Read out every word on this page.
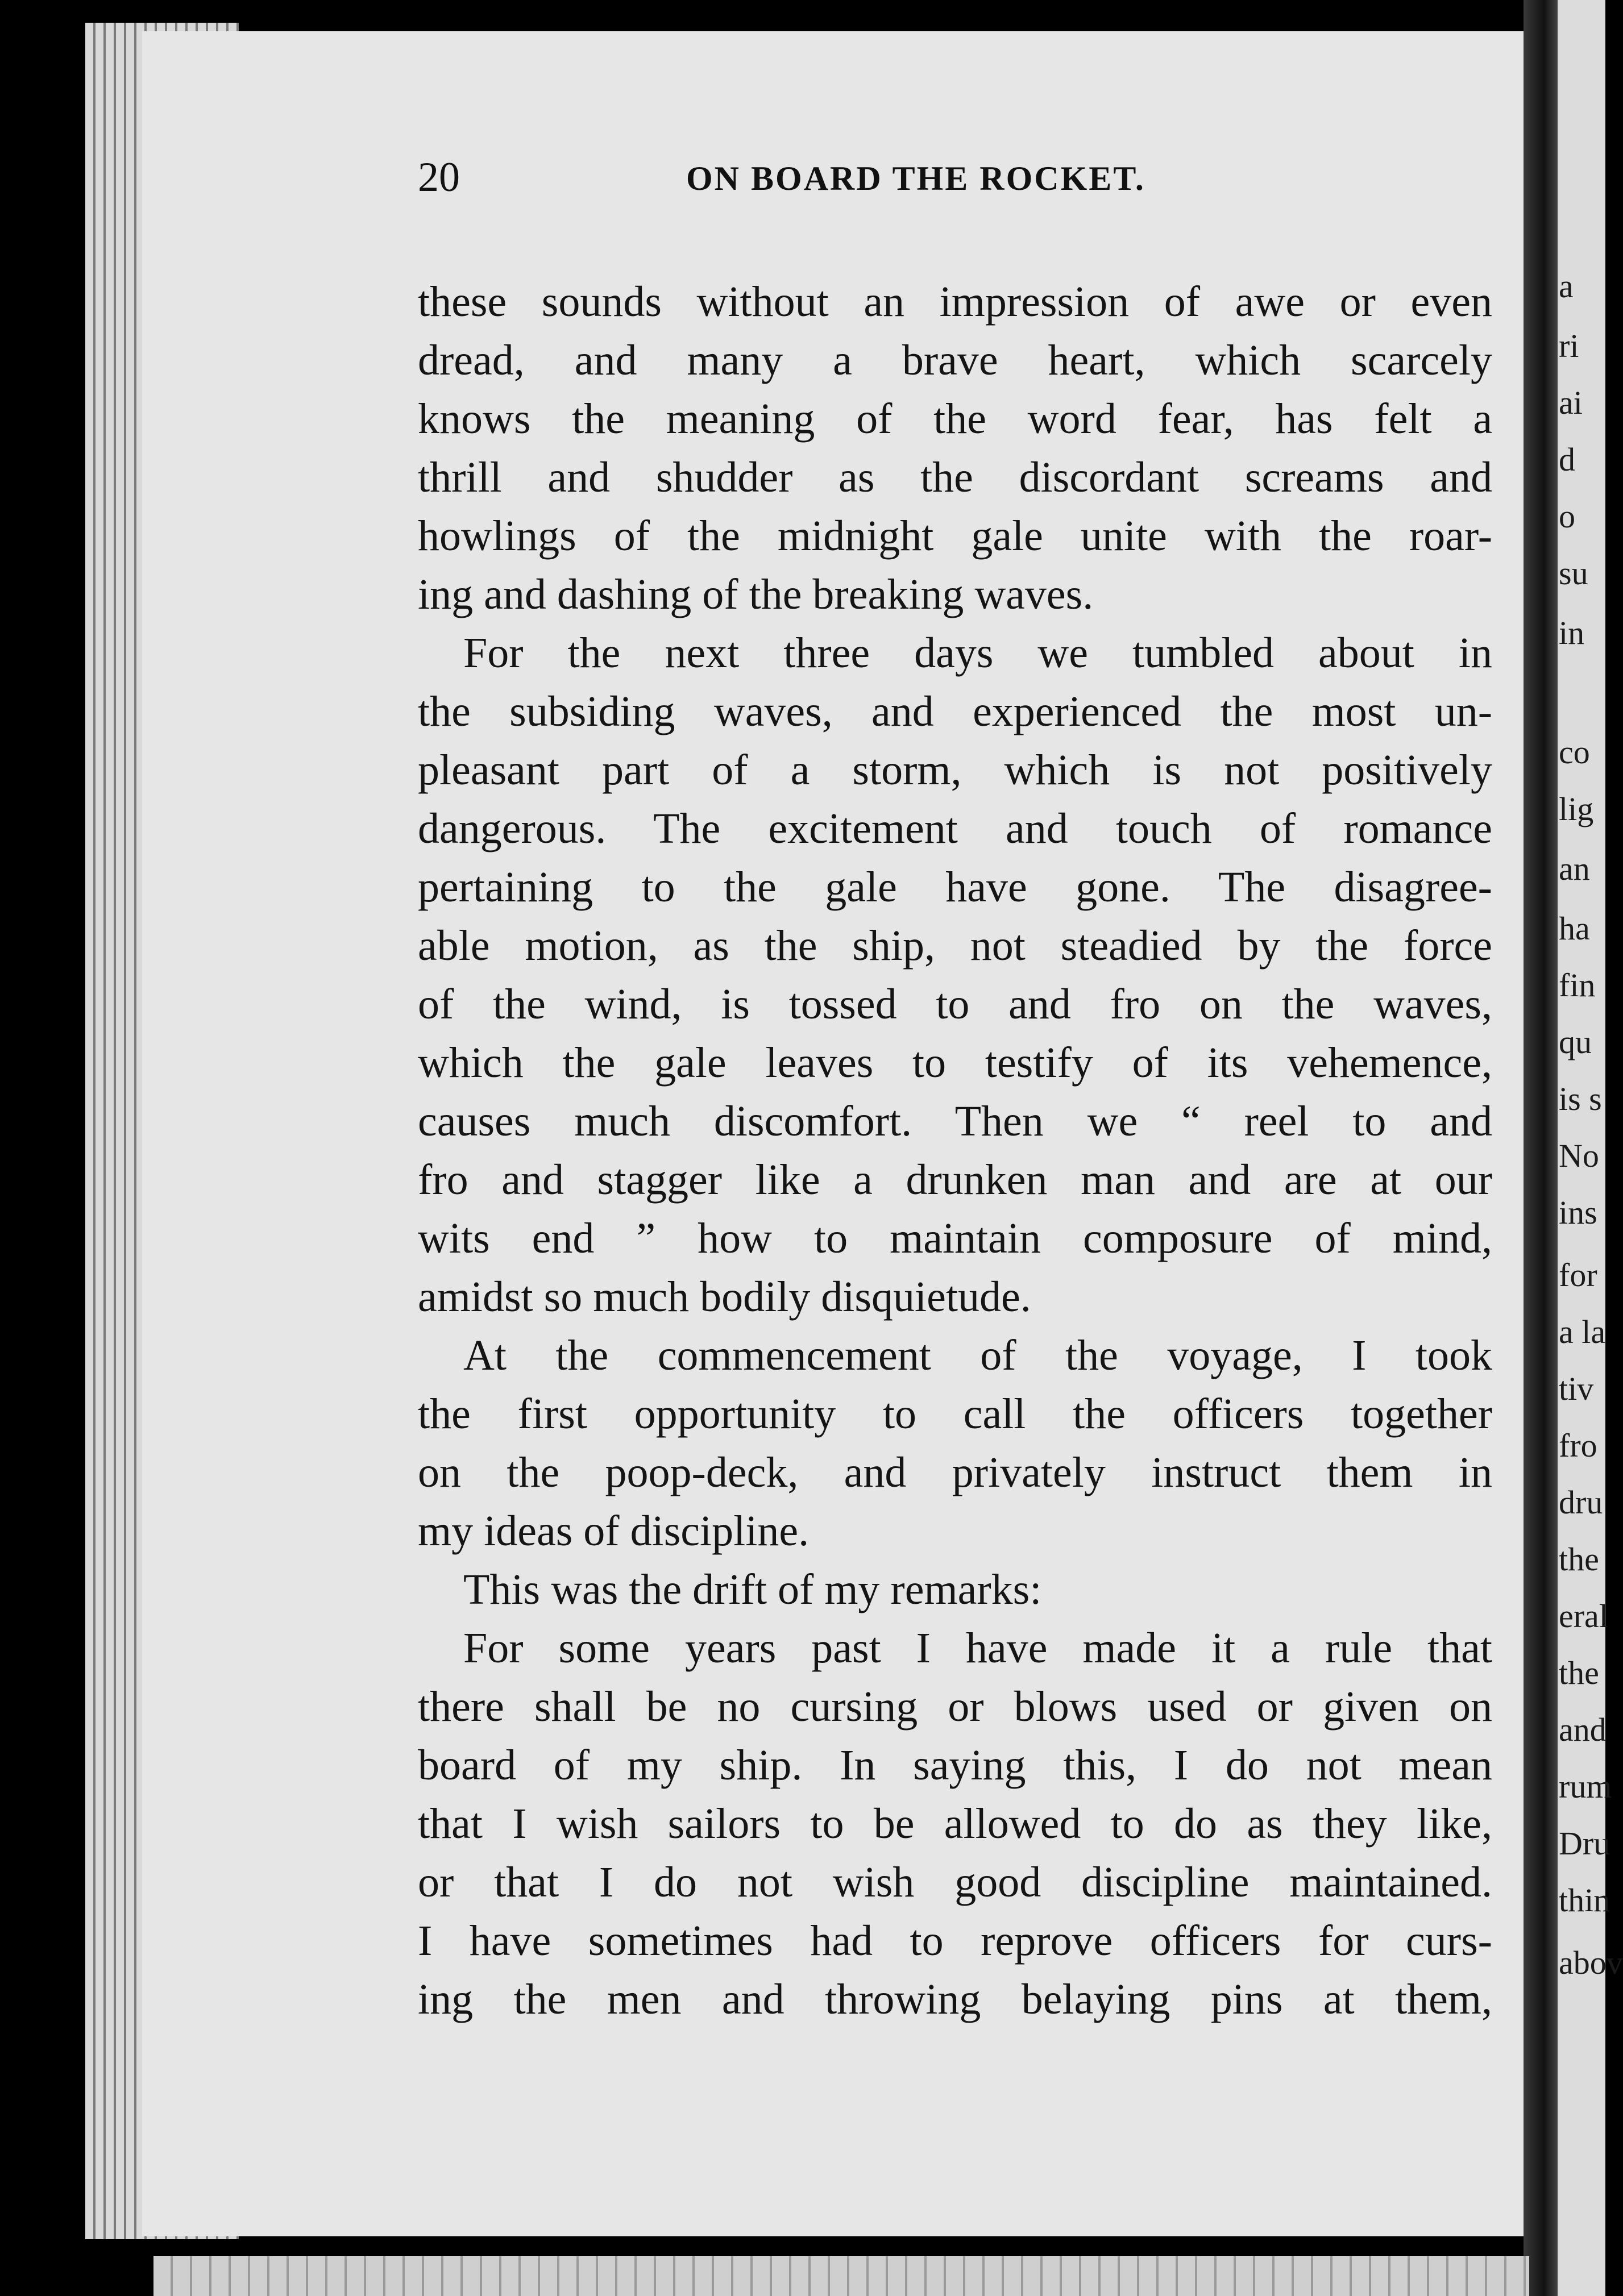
20	ON BOARD THE ROCKET.
these sounds without an impression of awe or even
dread, and many a brave heart, which scarcely
knows the meaning of the word fear, has felt a
thrill and shudder as the discordant screams and
howlings of the midnight gale unite with the roar-
ing and dashing of the breaking waves.
For the next three days we tumbled about in
the subsiding waves, and experienced the most un-
pleasant part of a storm, which is not positively
dangerous. The excitement and touch of romance
pertaining to the gale have gone. The disagree-
able motion, as the ship, not steadied by the force
of the wind, is tossed to and fro on the waves,
which the gale leaves to testify of its vehemence,
causes much discomfort. Then we “ reel to and
fro and stagger like a drunken man and are at our
wits end ” how to maintain composure of mind,
amidst so much bodily disquietude.
At the commencement of the voyage, I took
the first opportunity to call the officers together
on the poop-deck, and privately instruct them in
my ideas of discipline.
This was the drift of my remarks:
For some years past I have made it a rule that
there shall be no cursing or blows used or given on
board of my ship. In saying this, I do not mean
that I wish sailors to be allowed to do as they like,
or that I do not wish good discipline maintained.
I have sometimes had to reprove officers for curs-
ing the men and throwing belaying pins at them,
a
ri
ai
d
o
su
in
co
lig
an
ha
fin
qu
is s
No
ins
for
a la
tiv
fro
dru
the
eral
the
and
rum
Dru
thin
abov
